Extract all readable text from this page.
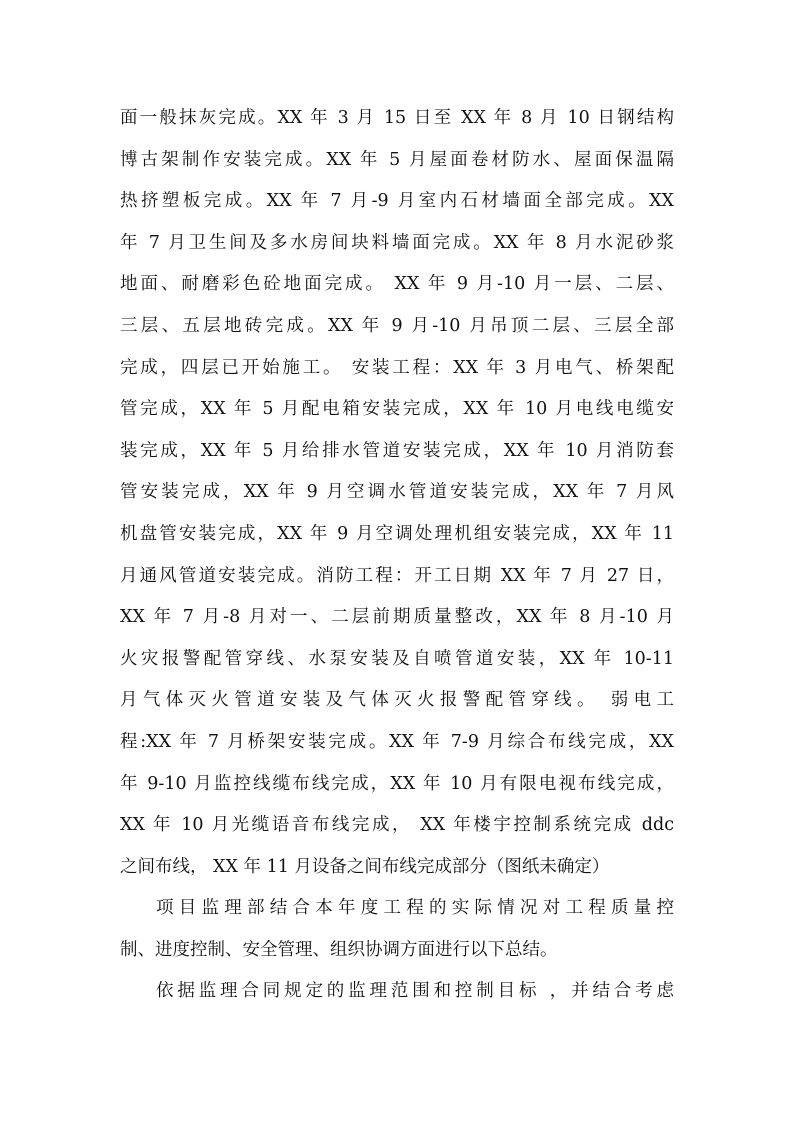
面一般抹灰完成。XX 年 3 月 15 日至 XX 年 8 月 10 日钢结构
博古架制作安装完成。XX 年 5 月屋面卷材防水、屋面保温隔
热挤塑板完成。XX 年 7 月-9 月室内石材墙面全部完成。XX
年 7 月卫生间及多水房间块料墙面完成。XX 年 8 月水泥砂浆
地面、耐磨彩色砼地面完成。 XX 年 9 月-10 月一层、二层、
三层、五层地砖完成。XX 年 9 月-10 月吊顶二层、三层全部
完成，四层已开始施工。 安装工程：XX 年 3 月电气、桥架配
管完成，XX 年 5 月配电箱安装完成，XX 年 10 月电线电缆安
装完成，XX 年 5 月给排水管道安装完成，XX 年 10 月消防套
管安装完成，XX 年 9 月空调水管道安装完成，XX 年 7 月风
机盘管安装完成，XX 年 9 月空调处理机组安装完成，XX 年 11
月通风管道安装完成。消防工程：开工日期 XX 年 7 月 27 日，
XX 年 7 月-8 月对一、二层前期质量整改，XX 年 8 月-10 月
火灾报警配管穿线、水泵安装及自喷管道安装，XX 年 10-11
月气体灭火管道安装及气体灭火报警配管穿线。 弱电工
程:XX 年 7 月桥架安装完成。XX 年 7-9 月综合布线完成，XX
年 9-10 月监控线缆布线完成，XX 年 10 月有限电视布线完成，
XX 年 10 月光缆语音布线完成， XX 年楼宇控制系统完成 ddc
之间布线， XX 年 11 月设备之间布线完成部分（图纸未确定）
项目监理部结合本年度工程的实际情况对工程质量控
制、进度控制、安全管理、组织协调方面进行以下总结。
依据监理合同规定的监理范围和控制目标 ，并结合考虑
